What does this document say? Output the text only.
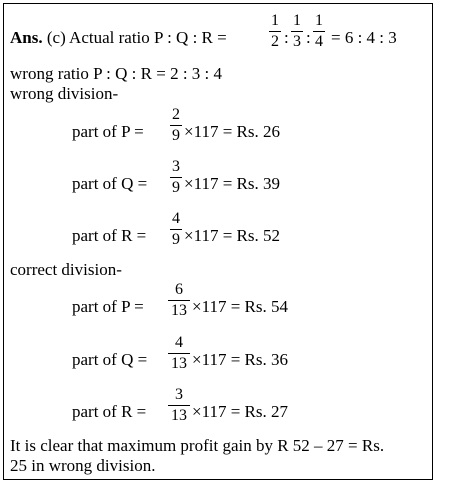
Ans. (c) Actual ratio P : Q : R =
1
2 :
1
3 :
1
4 = 6 : 4 : 3
wrong ratio P : Q : R = 2 : 3 : 4
wrong division-
part of P =
2
9 ×117 = Rs. 26
part of Q =
3
9 ×117 = Rs. 39
part of R =
4
9 ×117 = Rs. 52
correct division-
part of P =
6
13 ×117 = Rs. 54
part of Q =
4
13 ×117 = Rs. 36
part of R =
3
13 ×117 = Rs. 27
It is clear that maximum profit gain by R 52 – 27 = Rs.
25 in wrong division.
